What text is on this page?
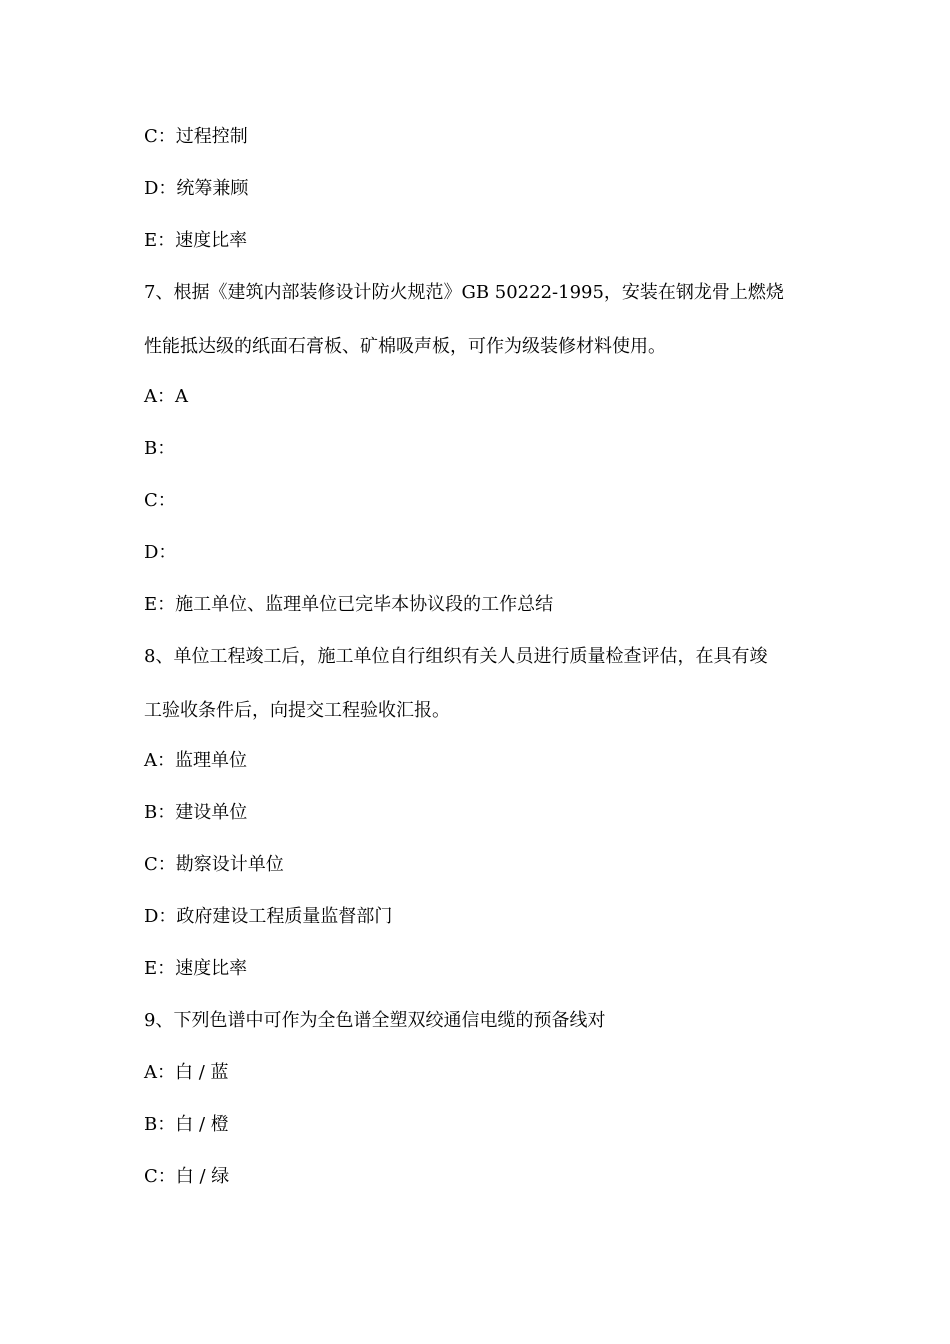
C：过程控制
D：统筹兼顾
E：速度比率
7、根据《建筑内部装修设计防火规范》GB 50222-1995，安装在钢龙骨上燃烧
性能抵达级的纸面石膏板、矿棉吸声板，可作为级装修材料使用。
A：A
B：
C：
D：
E：施工单位、监理单位已完毕本协议段的工作总结
8、单位工程竣工后，施工单位自行组织有关人员进行质量检查评估，在具有竣
工验收条件后，向提交工程验收汇报。
A：监理单位
B：建设单位
C：勘察设计单位
D：政府建设工程质量监督部门
E：速度比率
9、下列色谱中可作为全色谱全塑双绞通信电缆的预备线对
A：白 / 蓝
B：白 / 橙
C：白 / 绿
